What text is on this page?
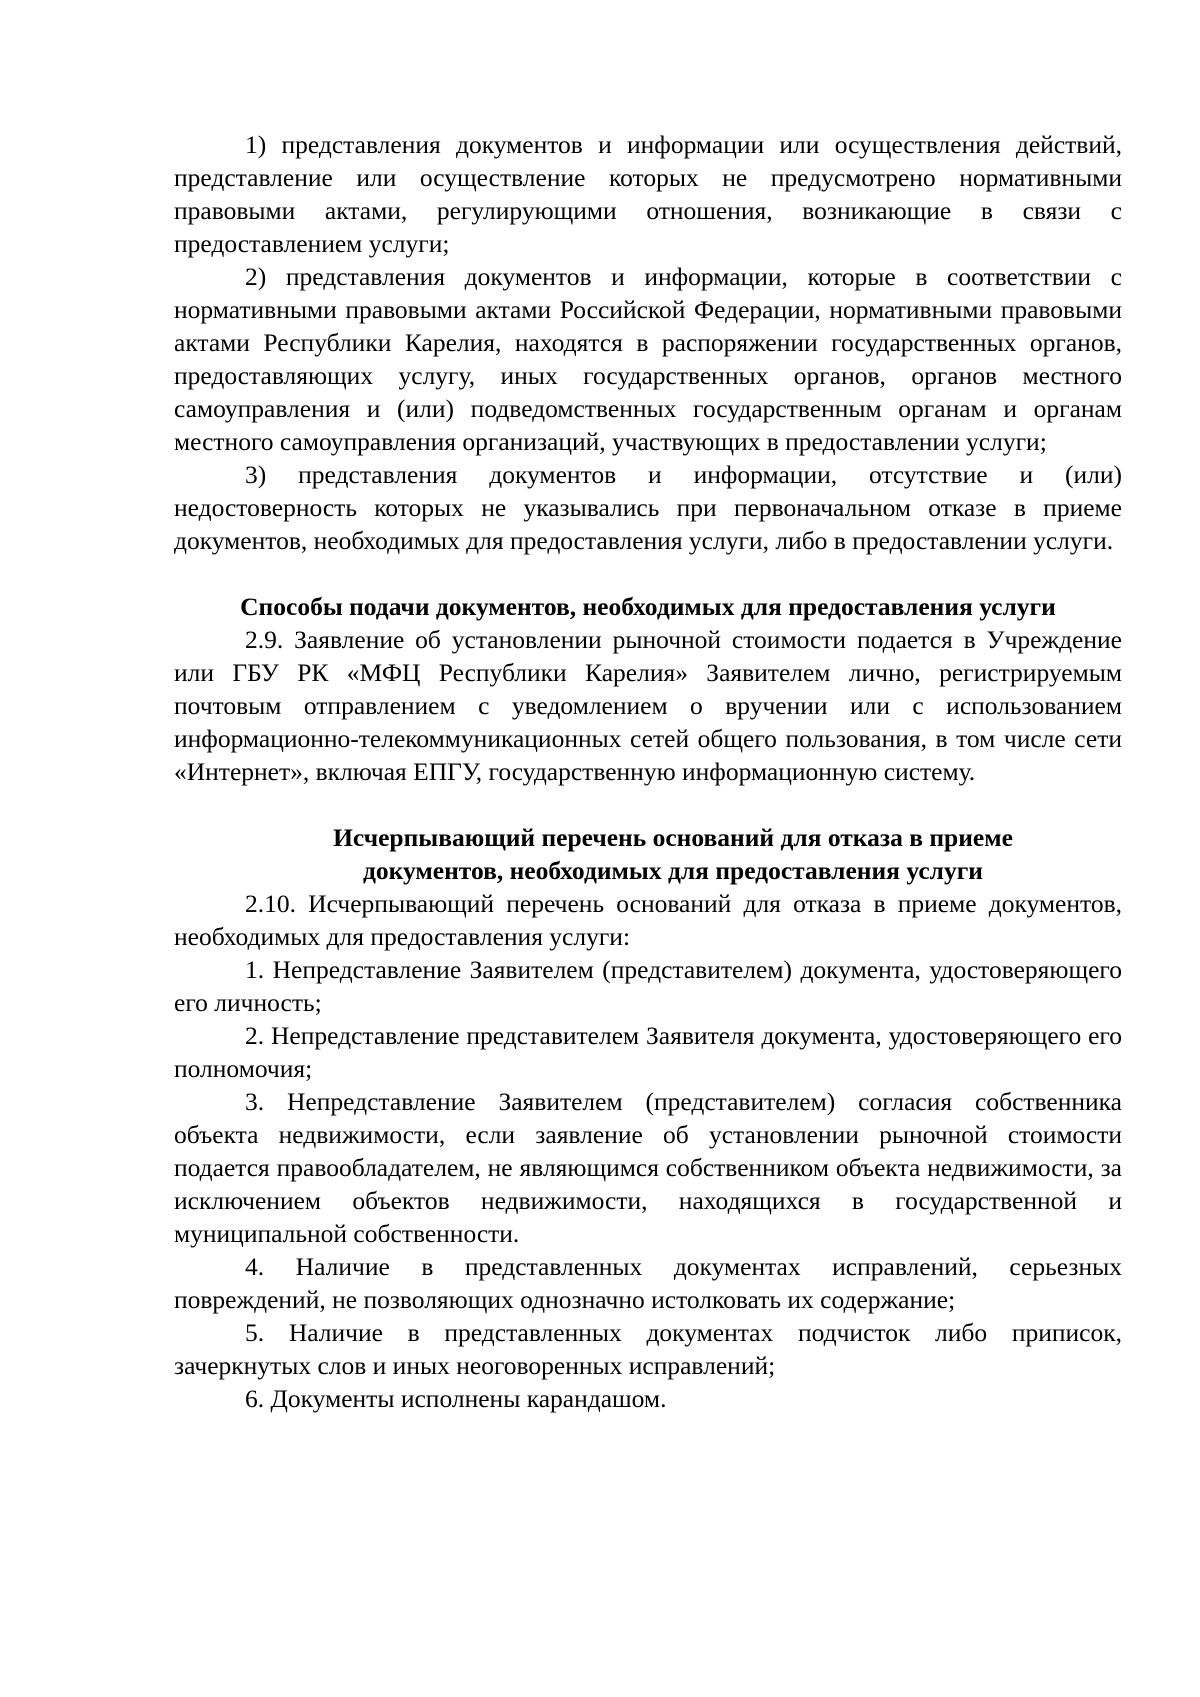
1) представления документов и информации или осуществления действий, представление или осуществление которых не предусмотрено нормативными правовыми актами, регулирующими отношения, возникающие в связи с предоставлением услуги;

2) представления документов и информации, которые в соответствии с нормативными правовыми актами Российской Федерации, нормативными правовыми актами Республики Карелия, находятся в распоряжении государственных органов, предоставляющих услугу, иных государственных органов, органов местного самоуправления и (или) подведомственных государственным органам и органам местного самоуправления организаций, участвующих в предоставлении услуги;

3) представления документов и информации, отсутствие и (или) недостоверность которых не указывались при первоначальном отказе в приеме документов, необходимых для предоставления услуги, либо в предоставлении услуги.

Способы подачи документов, необходимых для предоставления услуги

2.9. Заявление об установлении рыночной стоимости подается в Учреждение или ГБУ РК «МФЦ Республики Карелия» Заявителем лично, регистрируемым почтовым отправлением с уведомлением о вручении или с использованием информационно-телекоммуникационных сетей общего пользования, в том числе сети «Интернет», включая ЕПГУ, государственную информационную систему.

Исчерпывающий перечень оснований для отказа в приеме
документов, необходимых для предоставления услуги

2.10. Исчерпывающий перечень оснований для отказа в приеме документов, необходимых для предоставления услуги:

1. Непредставление Заявителем (представителем) документа, удостоверяющего его личность;

2. Непредставление представителем Заявителя документа, удостоверяющего его полномочия;

3. Непредставление Заявителем (представителем) согласия собственника объекта недвижимости, если заявление об установлении рыночной стоимости подается правообладателем, не являющимся собственником объекта недвижимости, за исключением объектов недвижимости, находящихся в государственной и муниципальной собственности.

4. Наличие в представленных документах исправлений, серьезных повреждений, не позволяющих однозначно истолковать их содержание;

5. Наличие в представленных документах подчисток либо приписок, зачеркнутых слов и иных неоговоренных исправлений;

6. Документы исполнены карандашом.
